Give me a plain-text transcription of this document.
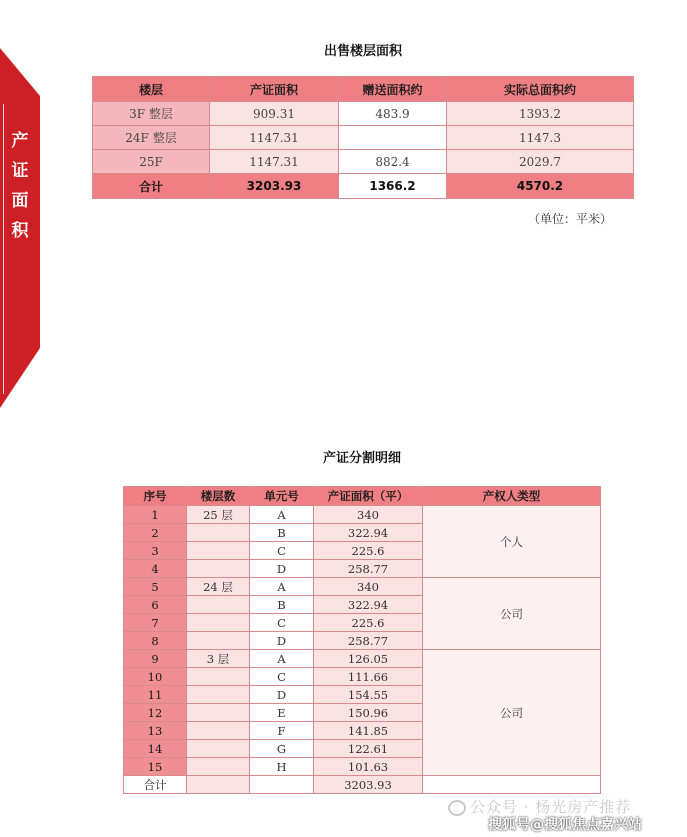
产
证
面
积
出售楼层面积
楼层	产证面积	赠送面积约	实际总面积约
3F 整层	909.31	483.9	1393.2
24F 整层	1147.31		1147.3
25F	1147.31	882.4	2029.7
合计	3203.93	1366.2	4570.2
（单位：平米）
产证分割明细
序号	楼层数	单元号	产证面积（平）	产权人类型
1	25 层	A	340	个人
2		B	322.94	
3		C	225.6	
4		D	258.77	
5	24 层	A	340	公司
6		B	322.94	
7		C	225.6	
8		D	258.77	
9	3 层	A	126.05	公司
10		C	111.66	
11		D	154.55	
12		E	150.96	
13		F	141.85	
14		G	122.61	
15		H	101.63	
合计			3203.93	
公众号 · 杨光房产推荐
搜狐号@搜狐焦点嘉兴站
